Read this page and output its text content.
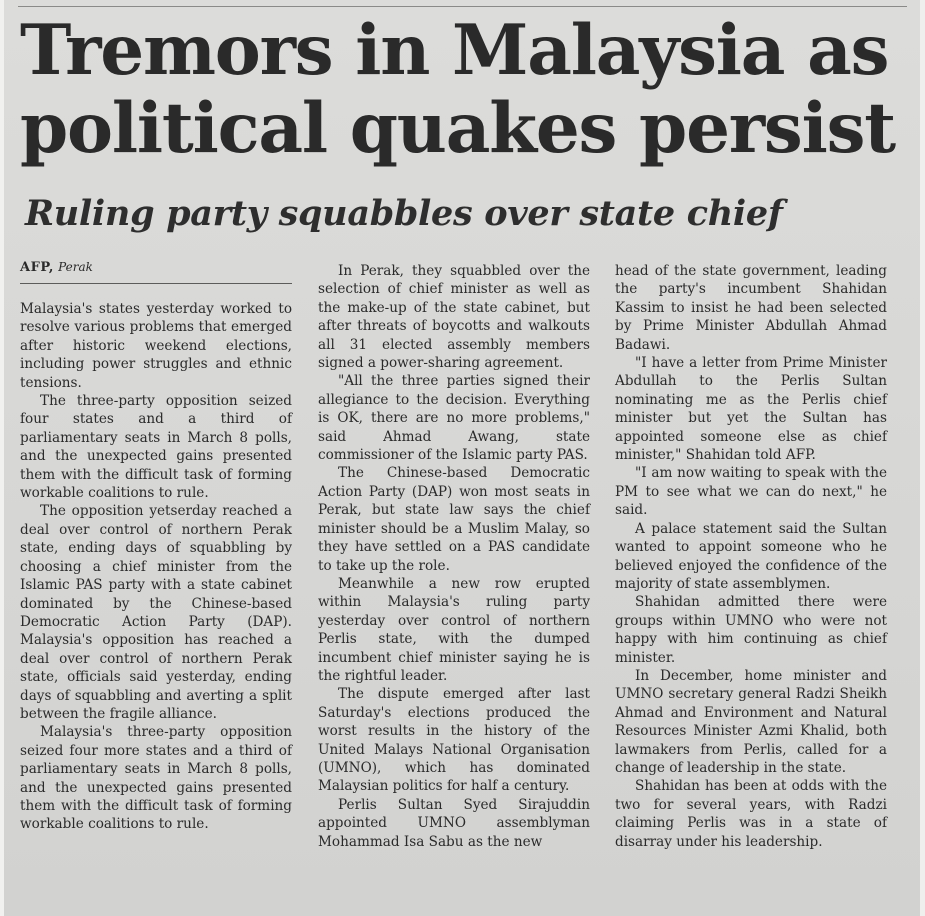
Tremors in Malaysia as
political quakes persist
Ruling party squabbles over state chief
AFP, Perak

Malaysia's states yesterday worked to resolve various problems that emerged after historic weekend elections, including power struggles and ethnic tensions.

The three-party opposition seized four states and a third of parliamentary seats in March 8 polls, and the unexpected gains presented them with the difficult task of forming workable coalitions to rule.

The opposition yetserday reached a deal over control of northern Perak state, ending days of squabbling by choosing a chief minister from the Islamic PAS party with a state cabinet dominated by the Chinese-based Democratic Action Party (DAP). Malaysia's opposition has reached a deal over control of northern Perak state, officials said yesterday, ending days of squabbling and averting a split between the fragile alliance.

Malaysia's three-party opposition seized four more states and a third of parliamentary seats in March 8 polls, and the unexpected gains presented them with the difficult task of forming workable coalitions to rule.

In Perak, they squabbled over the selection of chief minister as well as the make-up of the state cabinet, but after threats of boycotts and walkouts all 31 elected assembly members signed a power-sharing agreement.

"All the three parties signed their allegiance to the decision. Everything is OK, there are no more problems," said Ahmad Awang, state commissioner of the Islamic party PAS.

The Chinese-based Democratic Action Party (DAP) won most seats in Perak, but state law says the chief minister should be a Muslim Malay, so they have settled on a PAS candidate to take up the role.

Meanwhile a new row erupted within Malaysia's ruling party yesterday over control of northern Perlis state, with the dumped incumbent chief minister saying he is the rightful leader.

The dispute emerged after last Saturday's elections produced the worst results in the history of the United Malays National Organisation (UMNO), which has dominated Malaysian politics for half a century.

Perlis Sultan Syed Sirajuddin appointed UMNO assemblyman Mohammad Isa Sabu as the new

head of the state government, leading the party's incumbent Shahidan Kassim to insist he had been selected by Prime Minister Abdullah Ahmad Badawi.

"I have a letter from Prime Minister Abdullah to the Perlis Sultan nominating me as the Perlis chief minister but yet the Sultan has appointed someone else as chief minister," Shahidan told AFP.

"I am now waiting to speak with the PM to see what we can do next," he said.

A palace statement said the Sultan wanted to appoint someone who he believed enjoyed the confidence of the majority of state assemblymen.

Shahidan admitted there were groups within UMNO who were not happy with him continuing as chief minister.

In December, home minister and UMNO secretary general Radzi Sheikh Ahmad and Environment and Natural Resources Minister Azmi Khalid, both lawmakers from Perlis, called for a change of leadership in the state.

Shahidan has been at odds with the two for several years, with Radzi claiming Perlis was in a state of disarray under his leadership.
